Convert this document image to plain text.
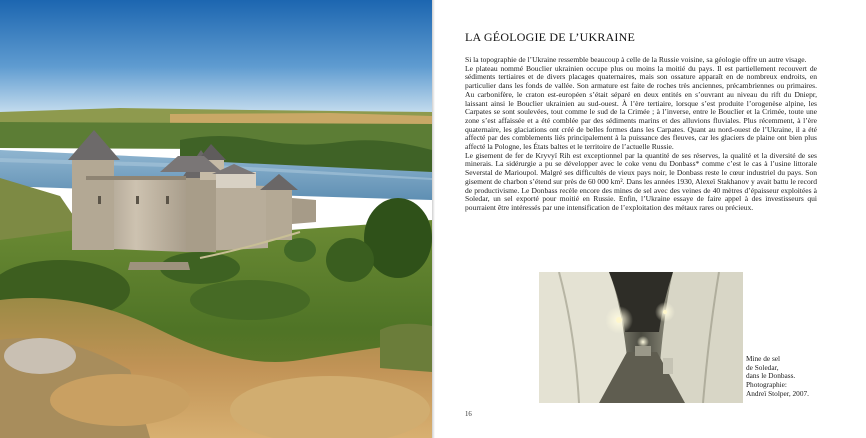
LA GÉOLOGIE DE L’UKRAINE

Si la topographie de l’Ukraine ressemble beaucoup à celle de la Russie voisine, sa géologie offre un autre visage.

Le plateau nommé Bouclier ukrainien occupe plus ou moins la moitié du pays. Il est partiellement recouvert de sédiments tertiaires et de divers placages quaternaires, mais son ossature apparaît en de nombreux endroits, en particulier dans les fonds de vallée. Son armature est faite de roches très anciennes, précambriennes ou primaires. Au carbonifère, le craton est-européen s’était séparé en deux entités en s’ouvrant au niveau du rift du Dniepr, laissant ainsi le Bouclier ukrainien au sud-ouest. À l’ère tertiaire, lorsque s’est produite l’orogenèse alpine, les Carpates se sont soulevées, tout comme le sud de la Crimée ; à l’inverse, entre le Bouclier et la Crimée, toute une zone s’est affaissée et a été comblée par des sédiments marins et des alluvions fluviales. Plus récemment, à l’ère quaternaire, les glaciations ont créé de belles formes dans les Carpates. Quant au nord-ouest de l’Ukraine, il a été affecté par des comblements liés principalement à la puissance des fleuves, car les glaciers de plaine ont bien plus affecté la Pologne, les États baltes et le territoire de l’actuelle Russie.

Le gisement de fer de Kryvyï Rih est exceptionnel par la quantité de ses réserves, la qualité et la diversité de ses minerais. La sidérurgie a pu se développer avec le coke venu du Donbass* comme c’est le cas à l’usine littorale Severstal de Marioupol. Malgré ses difficultés de vieux pays noir, le Donbass reste le cœur industriel du pays. Son gisement de charbon s’étend sur près de 60 000 km². Dans les années 1930, Alexeï Stakhanov y avait battu le record de productivisme. Le Donbass recèle encore des mines de sel avec des veines de 40 mètres d’épaisseur exploitées à Soledar, un sel exporté pour moitié en Russie. Enfin, l’Ukraine essaye de faire appel à des investisseurs qui pourraient être intéressés par une intensification de l’exploitation des métaux rares ou précieux.

Mine de sel
de Soledar,
dans le Donbass.
Photographie:
Andreï Stolper, 2007.
16
